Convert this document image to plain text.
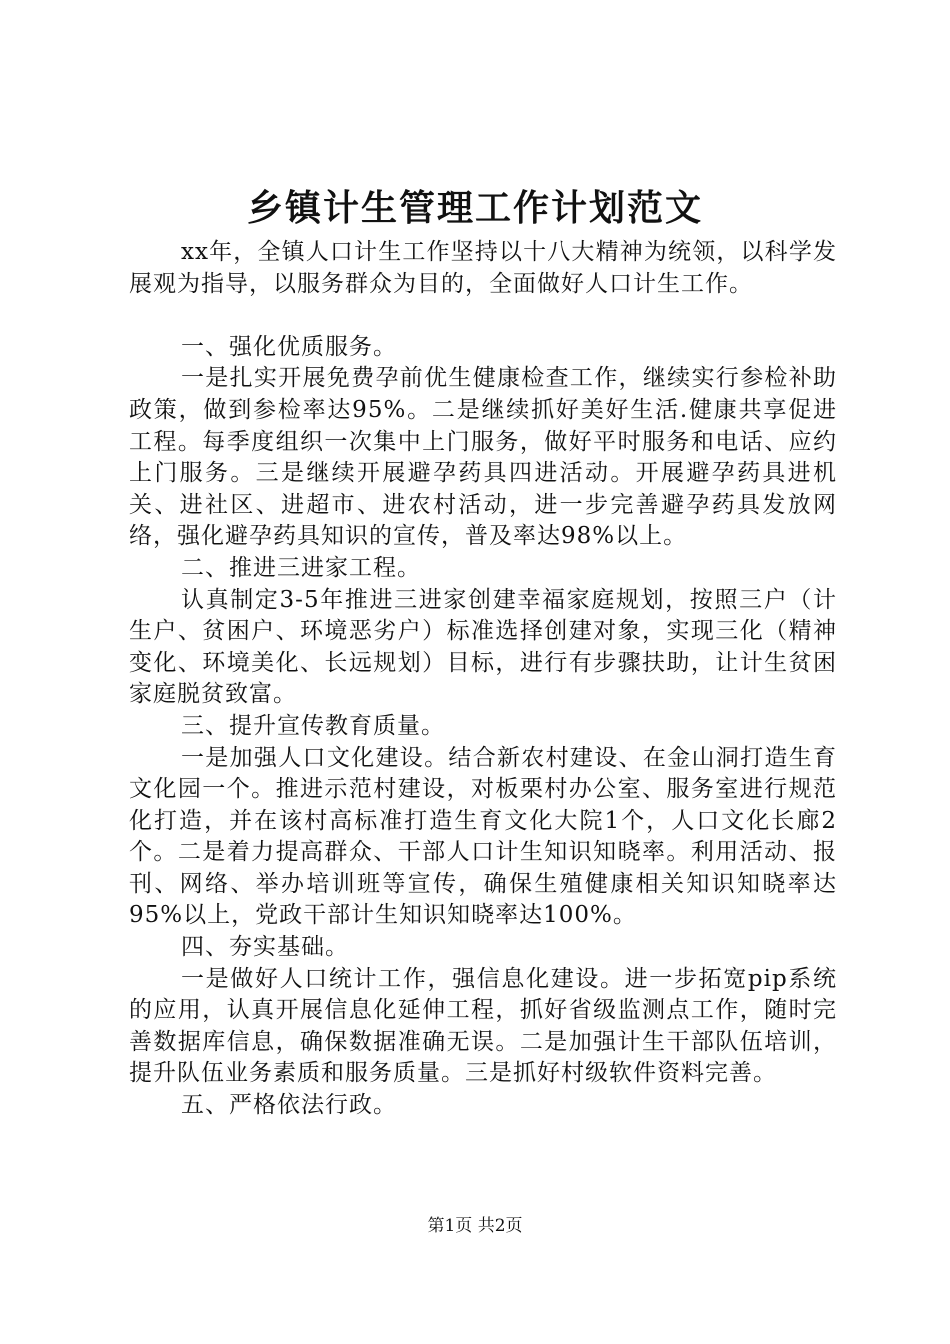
乡镇计生管理工作计划范文

xx年，全镇人口计生工作坚持以十八大精神为统领，以科学发展观为指导，以服务群众为目的，全面做好人口计生工作。

一、强化优质服务。

一是扎实开展免费孕前优生健康检查工作，继续实行参检补助政策，做到参检率达95%。二是继续抓好美好生活.健康共享促进工程。每季度组织一次集中上门服务，做好平时服务和电话、应约上门服务。三是继续开展避孕药具四进活动。开展避孕药具进机关、进社区、进超市、进农村活动，进一步完善避孕药具发放网络，强化避孕药具知识的宣传，普及率达98%以上。

二、推进三进家工程。

认真制定3-5年推进三进家创建幸福家庭规划，按照三户（计生户、贫困户、环境恶劣户）标准选择创建对象，实现三化（精神变化、环境美化、长远规划）目标，进行有步骤扶助，让计生贫困家庭脱贫致富。

三、提升宣传教育质量。

一是加强人口文化建设。结合新农村建设、在金山洞打造生育文化园一个。推进示范村建设，对板栗村办公室、服务室进行规范化打造，并在该村高标准打造生育文化大院1个，人口文化长廊2个。二是着力提高群众、干部人口计生知识知晓率。利用活动、报刊、网络、举办培训班等宣传，确保生殖健康相关知识知晓率达95%以上，党政干部计生知识知晓率达100%。

四、夯实基础。

一是做好人口统计工作，强信息化建设。进一步拓宽pip系统的应用，认真开展信息化延伸工程，抓好省级监测点工作，随时完善数据库信息，确保数据准确无误。二是加强计生干部队伍培训，提升队伍业务素质和服务质量。三是抓好村级软件资料完善。

五、严格依法行政。

第1页 共2页
